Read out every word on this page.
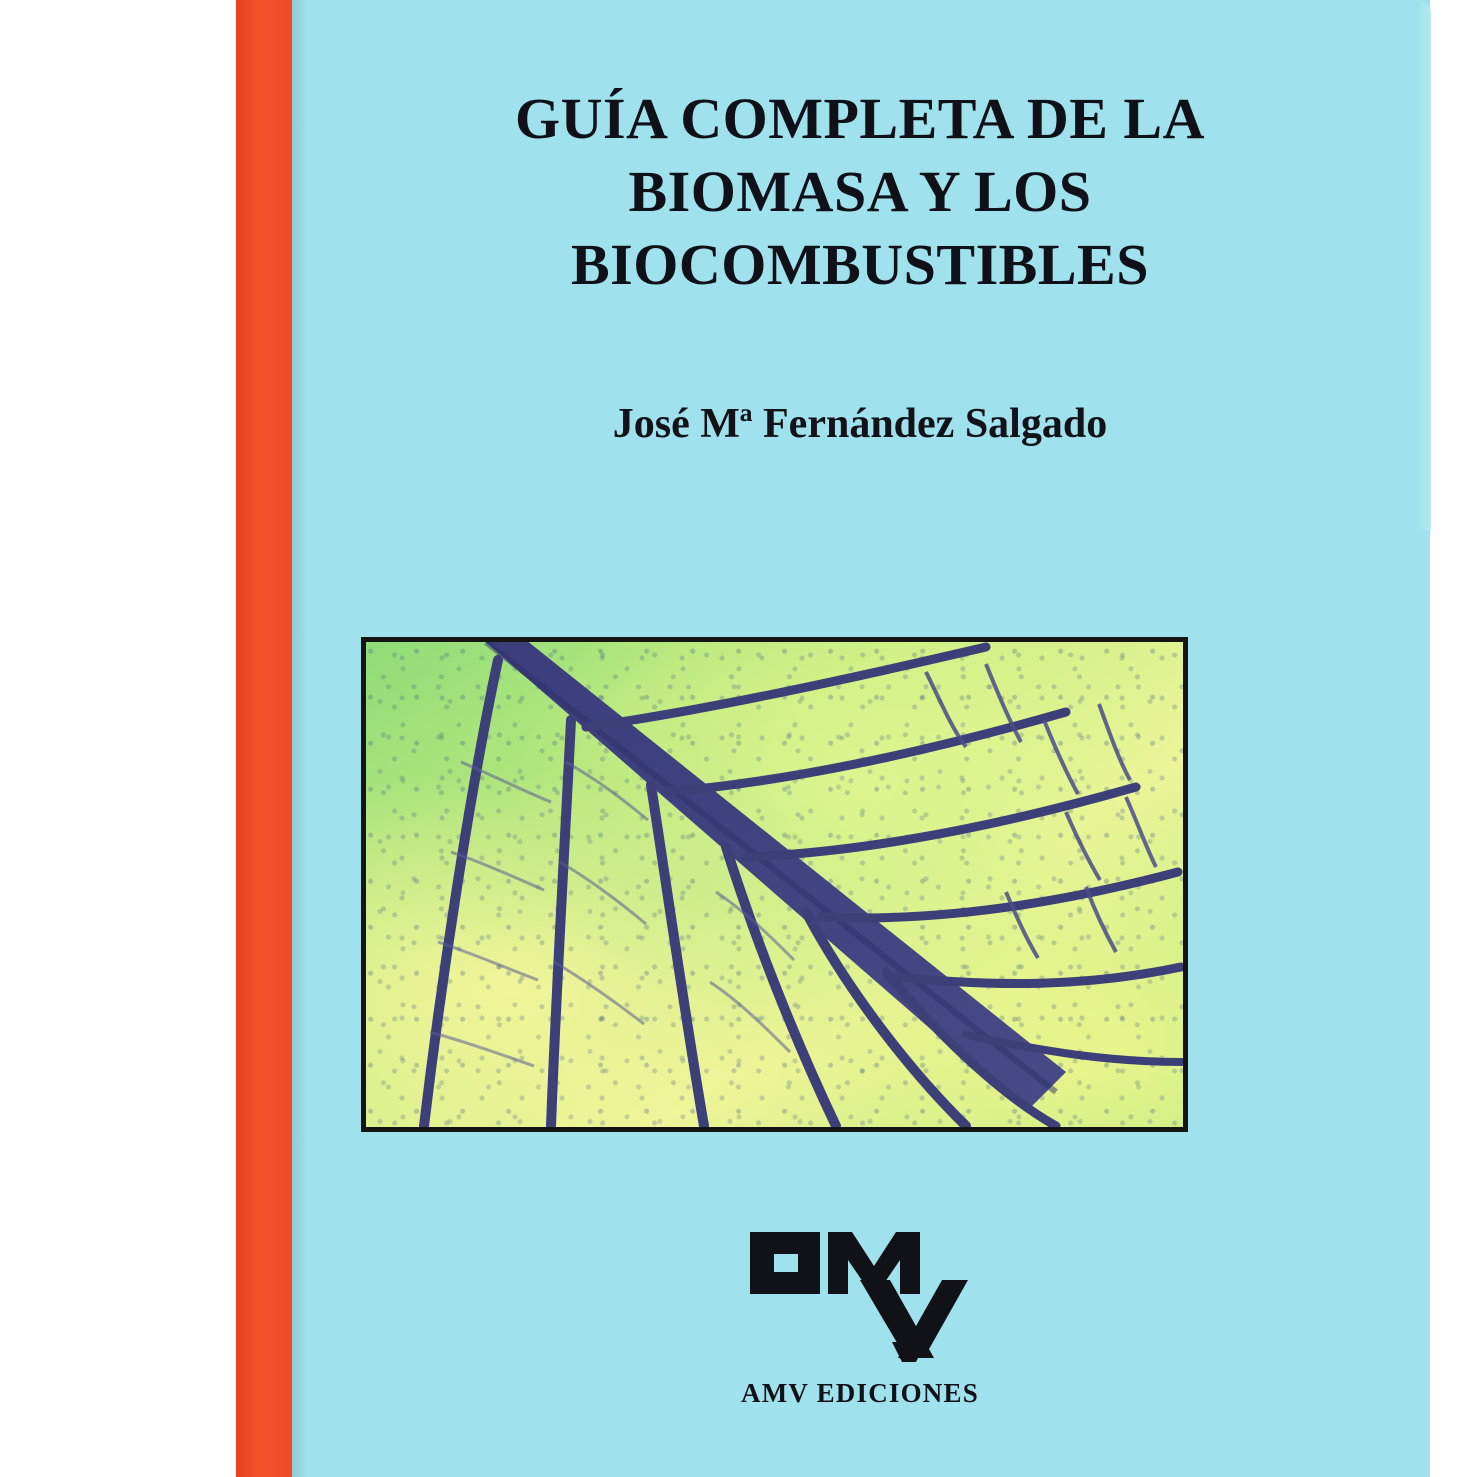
GUÍA COMPLETA DE LA
BIOMASA Y LOS
BIOCOMBUSTIBLES
José Mª Fernández Salgado
AMV EDICIONES
